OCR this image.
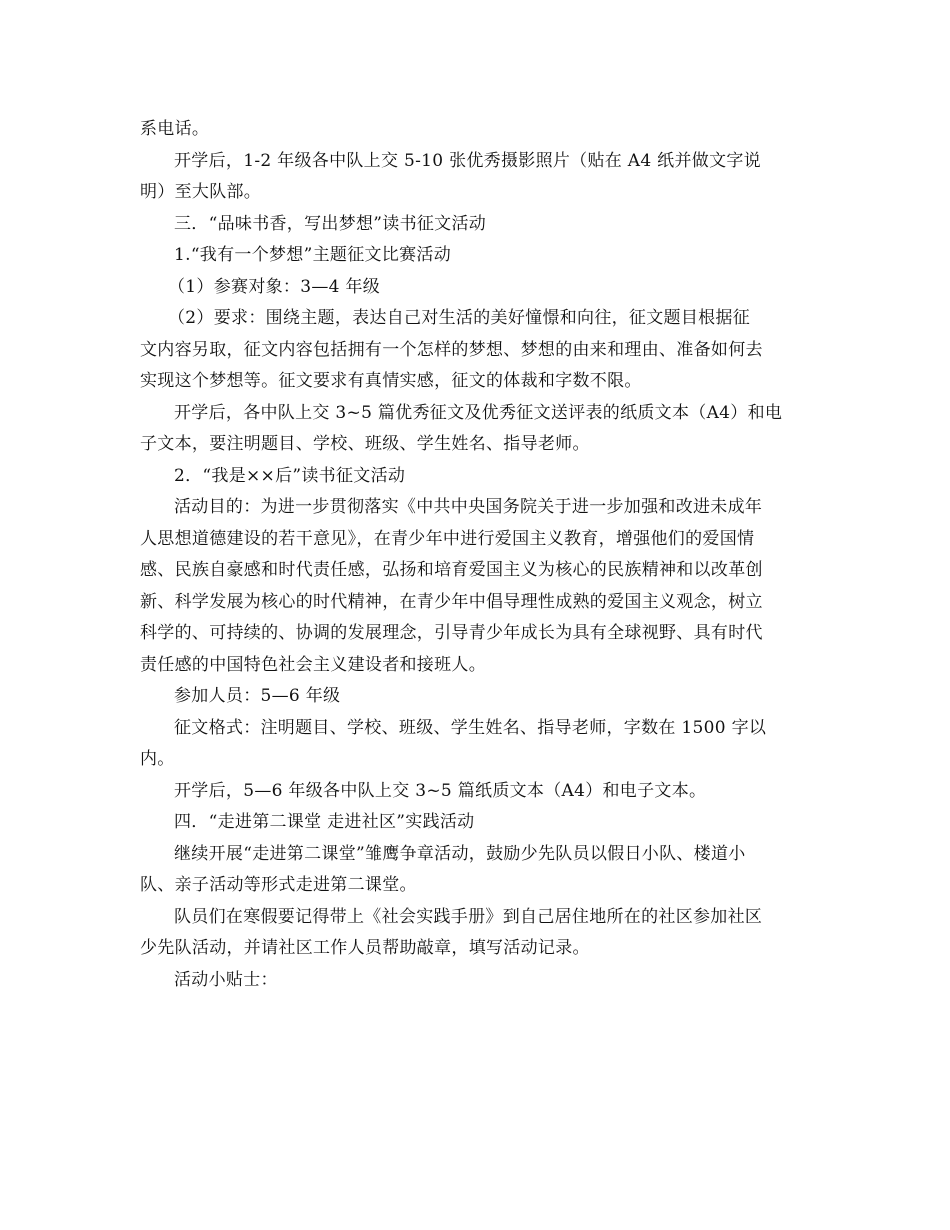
系电话。
开学后，1-2 年级各中队上交 5-10 张优秀摄影照片（贴在 A4 纸并做文字说
明）至大队部。
三．“品味书香，写出梦想”读书征文活动
1.“我有一个梦想”主题征文比赛活动
（1）参赛对象：3—4 年级
（2）要求：围绕主题，表达自己对生活的美好憧憬和向往，征文题目根据征
文内容另取，征文内容包括拥有一个怎样的梦想、梦想的由来和理由、准备如何去
实现这个梦想等。征文要求有真情实感，征文的体裁和字数不限。
开学后，各中队上交 3~5 篇优秀征文及优秀征文送评表的纸质文本（A4）和电
子文本，要注明题目、学校、班级、学生姓名、指导老师。
2．“我是××后”读书征文活动
活动目的：为进一步贯彻落实《中共中央国务院关于进一步加强和改进未成年
人思想道德建设的若干意见》，在青少年中进行爱国主义教育，增强他们的爱国情
感、民族自豪感和时代责任感，弘扬和培育爱国主义为核心的民族精神和以改革创
新、科学发展为核心的时代精神，在青少年中倡导理性成熟的爱国主义观念，树立
科学的、可持续的、协调的发展理念，引导青少年成长为具有全球视野、具有时代
责任感的中国特色社会主义建设者和接班人。
参加人员：5—6 年级
征文格式：注明题目、学校、班级、学生姓名、指导老师，字数在 1500 字以
内。
开学后，5—6 年级各中队上交 3~5 篇纸质文本（A4）和电子文本。
四．“走进第二课堂 走进社区”实践活动
继续开展“走进第二课堂”雏鹰争章活动，鼓励少先队员以假日小队、楼道小
队、亲子活动等形式走进第二课堂。
队员们在寒假要记得带上《社会实践手册》到自己居住地所在的社区参加社区
少先队活动，并请社区工作人员帮助敲章，填写活动记录。
活动小贴士：
